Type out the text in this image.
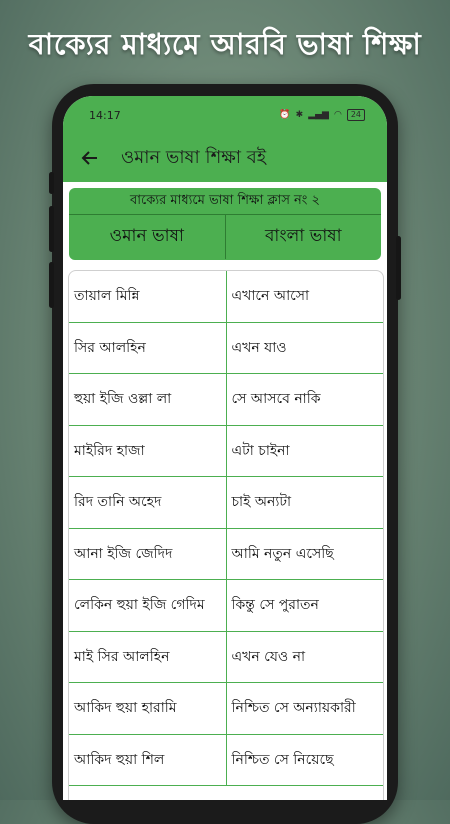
বাক্যের মাধ্যমে আরবি ভাষা শিক্ষা
14:17	⏰ ✱ ▂▄▆ ◠	24
ওমান ভাষা শিক্ষা বই
বাক্যের মাধ্যমে ভাষা শিক্ষা ক্লাস নং ২
ওমান ভাষা	বাংলা ভাষা
তায়াল মিন্নি	এখানে আসো
সির আলহিন	এখন যাও
হুয়া ইজি ওল্লা লা	সে আসবে নাকি
মাইরিদ হাজা	এটা চাইনা
রিদ তানি অহেদ	চাই অন্যটা
আনা ইজি জেদিদ	আমি নতুন এসেছি
লেকিন হুয়া ইজি গেদিম	কিন্তু সে পুরাতন
মাই সির আলহিন	এখন যেও না
আকিদ হুয়া হারামি	নিশ্চিত সে অন্যায়কারী
আকিদ হুয়া শিল	নিশ্চিত সে নিয়েছে
